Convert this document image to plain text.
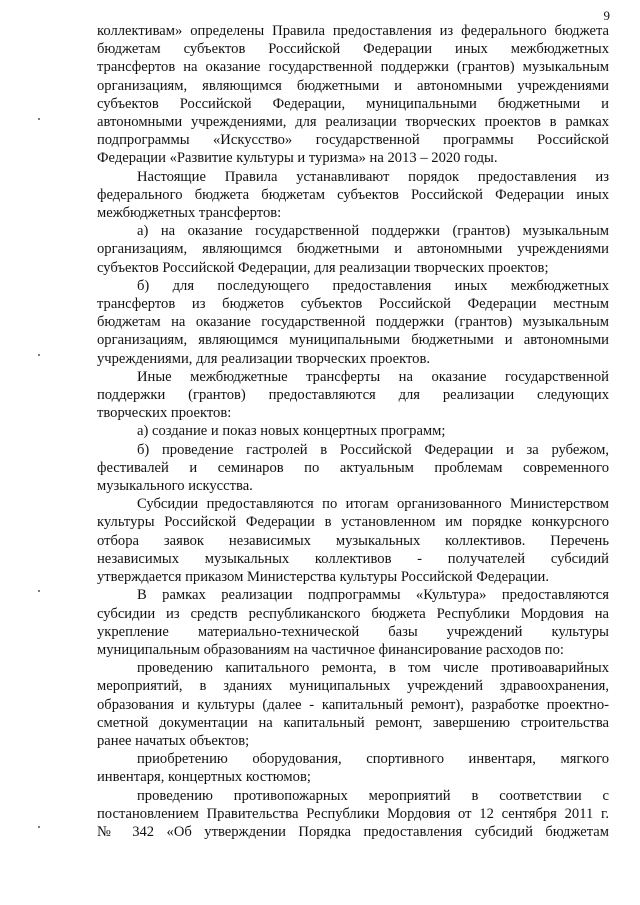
9
коллективам» определены Правила предоставления из федерального бюджета
бюджетам субъектов Российской Федерации иных межбюджетных
трансфертов на оказание государственной поддержки (грантов) музыкальным
организациям, являющимся бюджетными и автономными учреждениями
субъектов Российской Федерации, муниципальными бюджетными и
автономными учреждениями, для реализации творческих проектов в рамках
подпрограммы «Искусство» государственной программы Российской
Федерации «Развитие культуры и туризма» на 2013 – 2020 годы.
Настоящие Правила устанавливают порядок предоставления из
федерального бюджета бюджетам субъектов Российской Федерации иных
межбюджетных трансфертов:
а) на оказание государственной поддержки (грантов) музыкальным
организациям, являющимся бюджетными и автономными учреждениями
субъектов Российской Федерации, для реализации творческих проектов;
б) для последующего предоставления иных межбюджетных
трансфертов из бюджетов субъектов Российской Федерации местным
бюджетам на оказание государственной поддержки (грантов) музыкальным
организациям, являющимся муниципальными бюджетными и автономными
учреждениями, для реализации творческих проектов.
Иные межбюджетные трансферты на оказание государственной
поддержки (грантов) предоставляются для реализации следующих
творческих проектов:
а) создание и показ новых концертных программ;
б) проведение гастролей в Российской Федерации и за рубежом,
фестивалей и семинаров по актуальным проблемам современного
музыкального искусства.
Субсидии предоставляются по итогам организованного Министерством
культуры Российской Федерации в установленном им порядке конкурсного
отбора заявок независимых музыкальных коллективов. Перечень
независимых музыкальных коллективов - получателей субсидий
утверждается приказом Министерства культуры Российской Федерации.
В рамках реализации подпрограммы «Культура» предоставляются
субсидии из средств республиканского бюджета Республики Мордовия на
укрепление материально-технической базы учреждений культуры
муниципальным образованиям на частичное финансирование расходов по:
проведению капитального ремонта, в том числе противоаварийных
мероприятий, в зданиях муниципальных учреждений здравоохранения,
образования и культуры (далее - капитальный ремонт), разработке проектно-
сметной документации на капитальный ремонт, завершению строительства
ранее начатых объектов;
приобретению оборудования, спортивного инвентаря, мягкого
инвентаря, концертных костюмов;
проведению противопожарных мероприятий в соответствии с
постановлением Правительства Республики Мордовия от 12 сентября 2011 г.
№ 342 «Об утверждении Порядка предоставления субсидий бюджетам
